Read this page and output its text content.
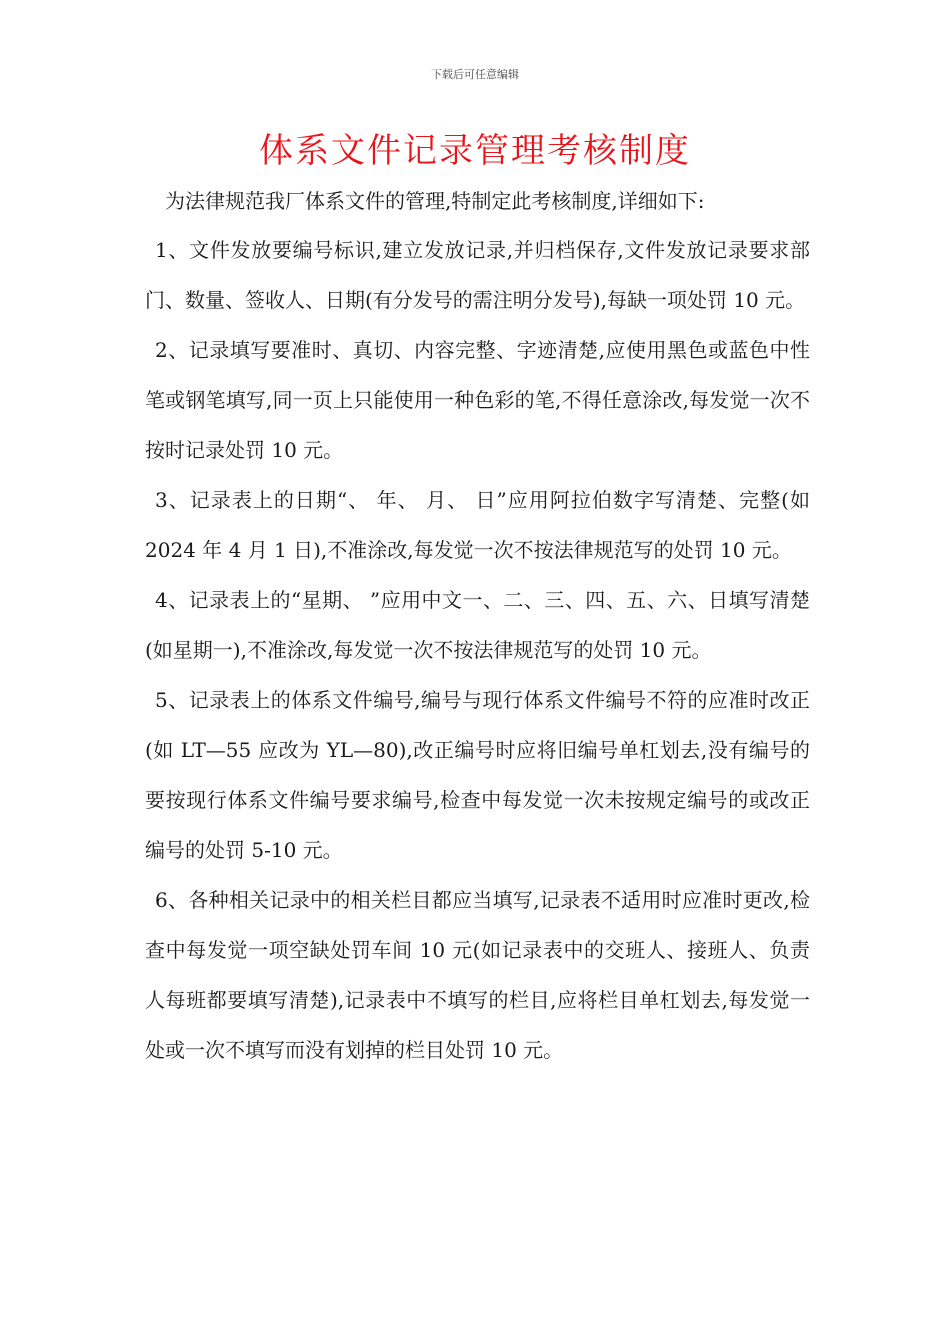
下载后可任意编辑
体系文件记录管理考核制度

为法律规范我厂体系文件的管理,特制定此考核制度,详细如下:

1、文件发放要编号标识,建立发放记录,并归档保存,文件发放记录要求部门、数量、签收人、日期(有分发号的需注明分发号),每缺一项处罚 10 元。

2、记录填写要准时、真切、内容完整、字迹清楚,应使用黑色或蓝色中性笔或钢笔填写,同一页上只能使用一种色彩的笔,不得任意涂改,每发觉一次不按时记录处罚 10 元。

3、记录表上的日期“、 年、 月、 日”应用阿拉伯数字写清楚、完整(如 2024 年 4 月 1 日),不准涂改,每发觉一次不按法律规范写的处罚 10 元。

4、记录表上的“星期、 ”应用中文一、二、三、四、五、六、日填写清楚(如星期一),不准涂改,每发觉一次不按法律规范写的处罚 10 元。

5、记录表上的体系文件编号,编号与现行体系文件编号不符的应准时改正(如 LT—55 应改为 YL—80),改正编号时应将旧编号单杠划去,没有编号的要按现行体系文件编号要求编号,检查中每发觉一次未按规定编号的或改正编号的处罚 5-10 元。

6、各种相关记录中的相关栏目都应当填写,记录表不适用时应准时更改,检查中每发觉一项空缺处罚车间 10 元(如记录表中的交班人、接班人、负责人每班都要填写清楚),记录表中不填写的栏目,应将栏目单杠划去,每发觉一处或一次不填写而没有划掉的栏目处罚 10 元。
